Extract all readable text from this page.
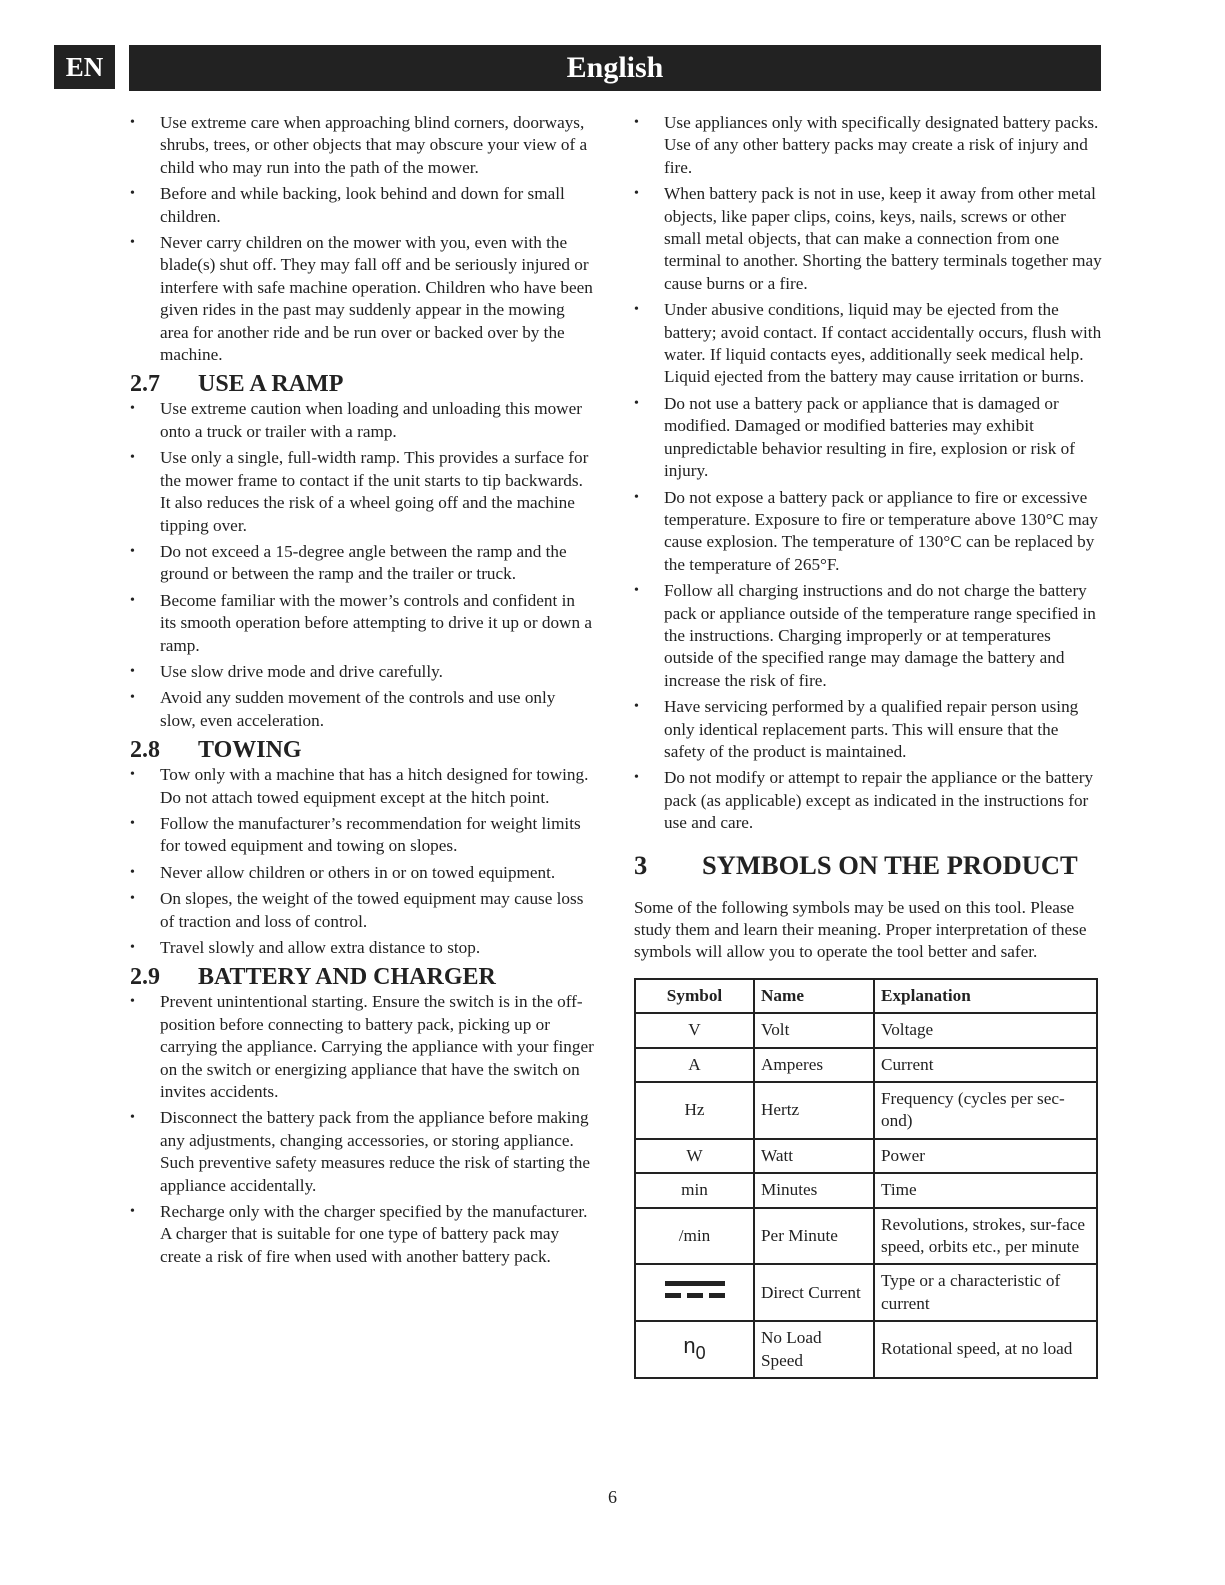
EN	English
• Use extreme care when approaching blind corners, doorways, shrubs, trees, or other objects that may obscure your view of a child who may run into the path of the mower.
• Before and while backing, look behind and down for small children.
• Never carry children on the mower with you, even with the blade(s) shut off. They may fall off and be seriously injured or interfere with safe machine operation. Children who have been given rides in the past may suddenly appear in the mowing area for another ride and be run over or backed over by the machine.
2.7	USE A RAMP
• Use extreme caution when loading and unloading this mower onto a truck or trailer with a ramp.
• Use only a single, full-width ramp. This provides a surface for the mower frame to contact if the unit starts to tip backwards. It also reduces the risk of a wheel going off and the machine tipping over.
• Do not exceed a 15-degree angle between the ramp and the ground or between the ramp and the trailer or truck.
• Become familiar with the mower’s controls and confident in its smooth operation before attempting to drive it up or down a ramp.
• Use slow drive mode and drive carefully.
• Avoid any sudden movement of the controls and use only slow, even acceleration.
2.8	TOWING
• Tow only with a machine that has a hitch designed for towing. Do not attach towed equipment except at the hitch point.
• Follow the manufacturer’s recommendation for weight limits for towed equipment and towing on slopes.
• Never allow children or others in or on towed equipment.
• On slopes, the weight of the towed equipment may cause loss of traction and loss of control.
• Travel slowly and allow extra distance to stop.
2.9	BATTERY AND CHARGER
• Prevent unintentional starting. Ensure the switch is in the off-position before connecting to battery pack, picking up or carrying the appliance. Carrying the appliance with your finger on the switch or energizing appliance that have the switch on invites accidents.
• Disconnect the battery pack from the appliance before making any adjustments, changing accessories, or storing appliance. Such preventive safety measures reduce the risk of starting the appliance accidentally.
• Recharge only with the charger specified by the manufacturer. A charger that is suitable for one type of battery pack may create a risk of fire when used with another battery pack.
• Use appliances only with specifically designated battery packs. Use of any other battery packs may create a risk of injury and fire.
• When battery pack is not in use, keep it away from other metal objects, like paper clips, coins, keys, nails, screws or other small metal objects, that can make a connection from one terminal to another. Shorting the battery terminals together may cause burns or a fire.
• Under abusive conditions, liquid may be ejected from the battery; avoid contact. If contact accidentally occurs, flush with water. If liquid contacts eyes, additionally seek medical help. Liquid ejected from the battery may cause irritation or burns.
• Do not use a battery pack or appliance that is damaged or modified. Damaged or modified batteries may exhibit unpredictable behavior resulting in fire, explosion or risk of injury.
• Do not expose a battery pack or appliance to fire or excessive temperature. Exposure to fire or temperature above 130°C may cause explosion. The temperature of 130°C can be replaced by the temperature of 265°F.
• Follow all charging instructions and do not charge the battery pack or appliance outside of the temperature range specified in the instructions. Charging improperly or at temperatures outside of the specified range may damage the battery and increase the risk of fire.
• Have servicing performed by a qualified repair person using only identical replacement parts. This will ensure that the safety of the product is maintained.
• Do not modify or attempt to repair the appliance or the battery pack (as applicable) except as indicated in the instructions for use and care.
3	SYMBOLS ON THE PRODUCT

Some of the following symbols may be used on this tool. Please study them and learn their meaning. Proper interpretation of these symbols will allow you to operate the tool better and safer.

Symbol	Name	Explanation
V	Volt	Voltage
A	Amperes	Current
Hz	Hertz	Frequency (cycles per sec-ond)
W	Watt	Power
min	Minutes	Time
/min	Per Minute	Revolutions, strokes, sur-face speed, orbits etc., per minute

	Direct Current	Type or a characteristic of current
$n_0$	No Load Speed	Rotational speed, at no load
6
